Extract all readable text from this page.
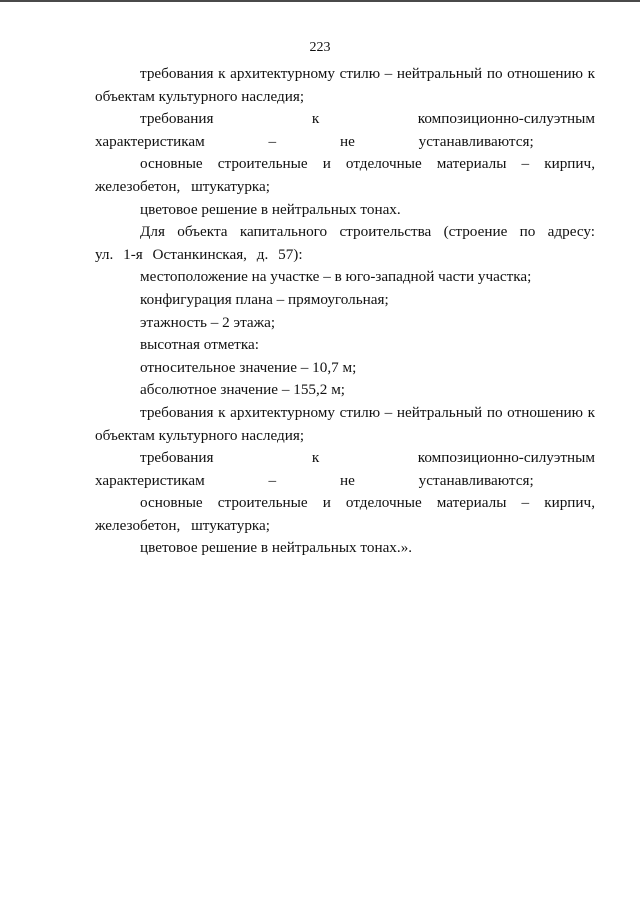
223

требования к архитектурному стилю – нейтральный по отношению к объектам культурного наследия;

требования к композиционно-силуэтным характеристикам – не устанавливаются;

основные строительные и отделочные материалы – кирпич, железобетон, штукатурка;

цветовое решение в нейтральных тонах.

Для объекта капитального строительства (строение по адресу: ул. 1-я Останкинская, д. 57):

местоположение на участке – в юго-западной части участка;

конфигурация плана – прямоугольная;

этажность – 2 этажа;

высотная отметка:

относительное значение – 10,7 м;

абсолютное значение – 155,2 м;

требования к архитектурному стилю – нейтральный по отношению к объектам культурного наследия;

требования к композиционно-силуэтным характеристикам – не устанавливаются;

основные строительные и отделочные материалы – кирпич, железобетон, штукатурка;

цветовое решение в нейтральных тонах.».
